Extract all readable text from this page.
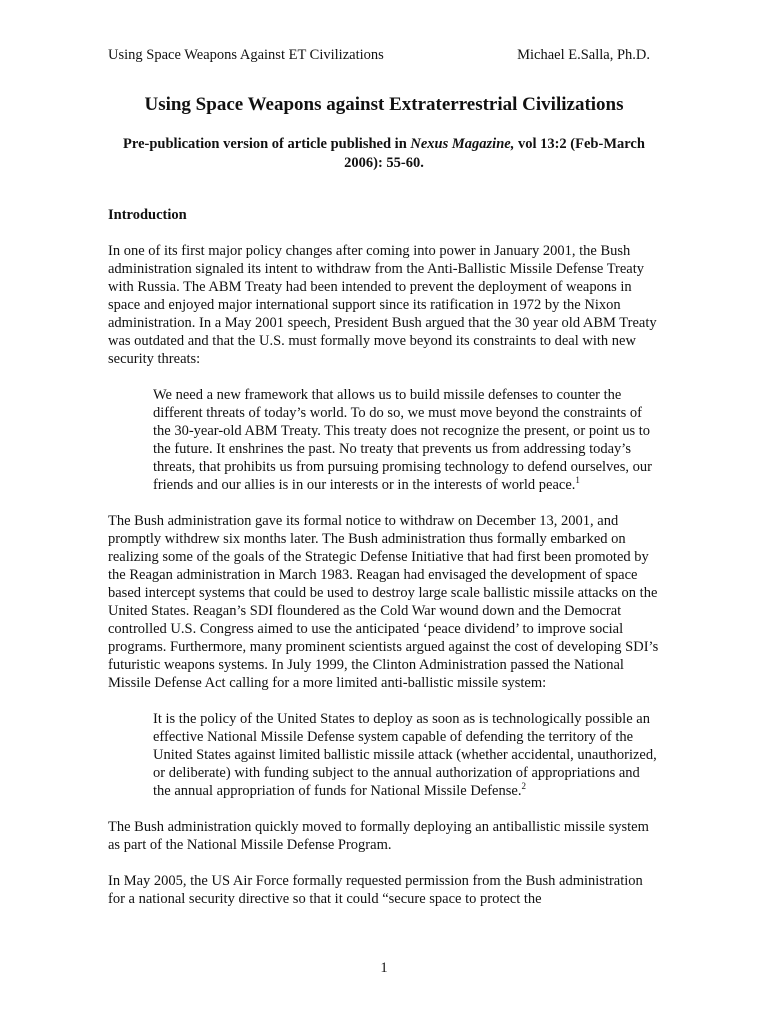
Using Space Weapons Against ET Civilizations	Michael E.Salla, Ph.D.
Using Space Weapons against Extraterrestrial Civilizations
Pre-publication version of article published in Nexus Magazine, vol 13:2 (Feb-March 2006): 55-60.

Introduction

In one of its first major policy changes after coming into power in January 2001, the Bush administration signaled its intent to withdraw from the Anti-Ballistic Missile Defense Treaty with Russia. The ABM Treaty had been intended to prevent the deployment of weapons in space and enjoyed major international support since its ratification in 1972 by the Nixon administration. In a May 2001 speech, President Bush argued that the 30 year old ABM Treaty was outdated and that the U.S. must formally move beyond its constraints to deal with new security threats:

We need a new framework that allows us to build missile defenses to counter the different threats of today’s world. To do so, we must move beyond the constraints of the 30-year-old ABM Treaty. This treaty does not recognize the present, or point us to the future. It enshrines the past. No treaty that prevents us from addressing today’s threats, that prohibits us from pursuing promising technology to defend ourselves, our friends and our allies is in our interests or in the interests of world peace.$^1$

The Bush administration gave its formal notice to withdraw on December 13, 2001, and promptly withdrew six months later. The Bush administration thus formally embarked on realizing some of the goals of the Strategic Defense Initiative that had first been promoted by the Reagan administration in March 1983. Reagan had envisaged the development of space based intercept systems that could be used to destroy large scale ballistic missile attacks on the United States. Reagan’s SDI floundered as the Cold War wound down and the Democrat controlled U.S. Congress aimed to use the anticipated ‘peace dividend’ to improve social programs. Furthermore, many prominent scientists argued against the cost of developing SDI’s futuristic weapons systems. In July 1999, the Clinton Administration passed the National Missile Defense Act calling for a more limited anti-ballistic missile system:

It is the policy of the United States to deploy as soon as is technologically possible an effective National Missile Defense system capable of defending the territory of the United States against limited ballistic missile attack (whether accidental, unauthorized, or deliberate) with funding subject to the annual authorization of appropriations and the annual appropriation of funds for National Missile Defense.$^2$

The Bush administration quickly moved to formally deploying an antiballistic missile system as part of the National Missile Defense Program.

In May 2005, the US Air Force formally requested permission from the Bush administration for a national security directive so that it could “secure space to protect the

1
